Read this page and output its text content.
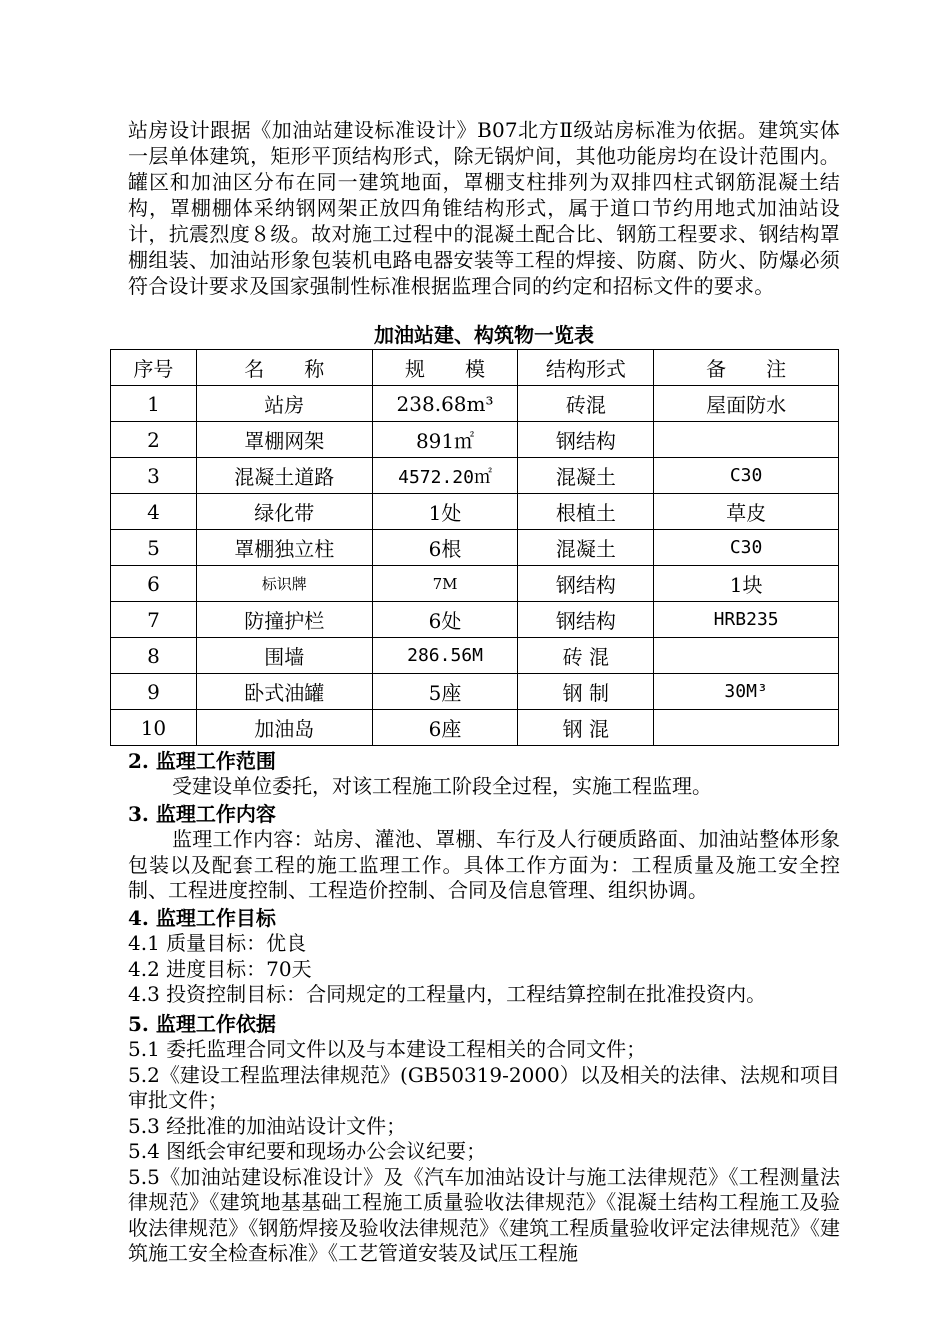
站房设计跟据《加油站建设标准设计》B07北方Ⅱ级站房标准为依据。建筑实体一层单体建筑，矩形平顶结构形式，除无锅炉间，其他功能房均在设计范围内。罐区和加油区分布在同一建筑地面，罩棚支柱排列为双排四柱式钢筋混凝土结构，罩棚棚体采纳钢网架正放四角锥结构形式，属于道口节约用地式加油站设计，抗震烈度８级。故对施工过程中的混凝土配合比、钢筋工程要求、钢结构罩棚组装、加油站形象包装机电路电器安装等工程的焊接、防腐、防火、防爆必须符合设计要求及国家强制性标准根据监理合同的约定和招标文件的要求。

加油站建、构筑物一览表

序号	名　　称	规　　模	结构形式	备　　注
1	站房	238.68m³	砖混	屋面防水
2	罩棚网架	891㎡	钢结构	
3	混凝土道路	4572.20㎡	混凝土	C30
4	绿化带	1处	根植土	草皮
5	罩棚独立柱	6根	混凝土	C30
6	标识牌	7M	钢结构	1块
7	防撞护栏	6处	钢结构	HRB235
8	围墙	286.56M	砖 混	
9	卧式油罐	5座	钢 制	30M³
10	加油岛	6座	钢 混	

2. 监理工作范围

受建设单位委托，对该工程施工阶段全过程，实施工程监理。

3. 监理工作内容

监理工作内容：站房、灌池、罩棚、车行及人行硬质路面、加油站整体形象包装以及配套工程的施工监理工作。具体工作方面为：工程质量及施工安全控制、工程进度控制、工程造价控制、合同及信息管理、组织协调。

4. 监理工作目标

4.1 质量目标：优良

4.2 进度目标：70天

4.3 投资控制目标：合同规定的工程量内，工程结算控制在批准投资内。

5. 监理工作依据

5.1 委托监理合同文件以及与本建设工程相关的合同文件；

5.2《建设工程监理法律规范》(GB50319-2000）以及相关的法律、法规和项目审批文件；

5.3 经批准的加油站设计文件；

5.4 图纸会审纪要和现场办公会议纪要；

5.5《加油站建设标准设计》及《汽车加油站设计与施工法律规范》《工程测量法律规范》《建筑地基基础工程施工质量验收法律规范》《混凝土结构工程施工及验收法律规范》《钢筋焊接及验收法律规范》《建筑工程质量验收评定法律规范》《建筑施工安全检查标准》《工艺管道安装及试压工程施
